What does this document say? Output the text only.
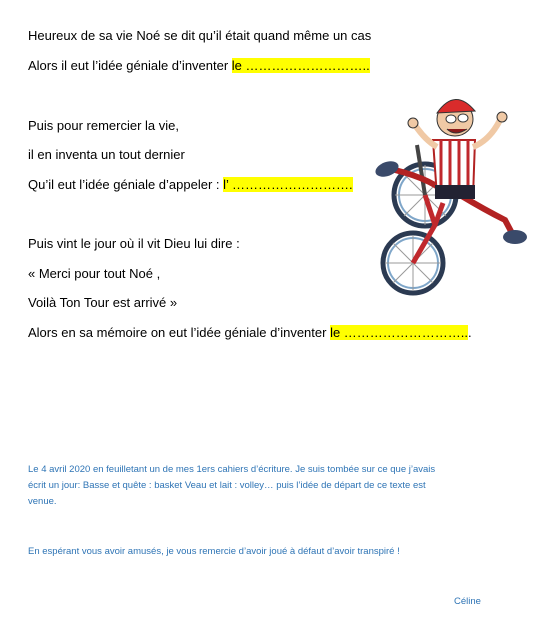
Heureux de sa vie Noé se dit qu’il était quand même un cas
Alors il eut l’idée géniale d’inventer le ………………………..
Puis pour remercier la vie,
il en inventa un tout dernier
Qu’il eut l’idée géniale d’appeler : l’ ……………………….
Puis vint le jour où il vit Dieu lui dire :
« Merci pour tout Noé ,
Voilà Ton Tour est arrivé »
Alors en sa mémoire on eut l’idée géniale d’inventer le ………………………...
Le 4 avril 2020 en feuilletant un de mes 1ers cahiers d’écriture. Je suis tombée sur ce que j’avais
écrit un jour: Basse et quête : basket Veau et lait : volley… puis l’idée de départ de ce texte est
venue.
En espérant vous avoir amusés, je vous remercie d’avoir joué à défaut d’avoir transpiré !
Céline
